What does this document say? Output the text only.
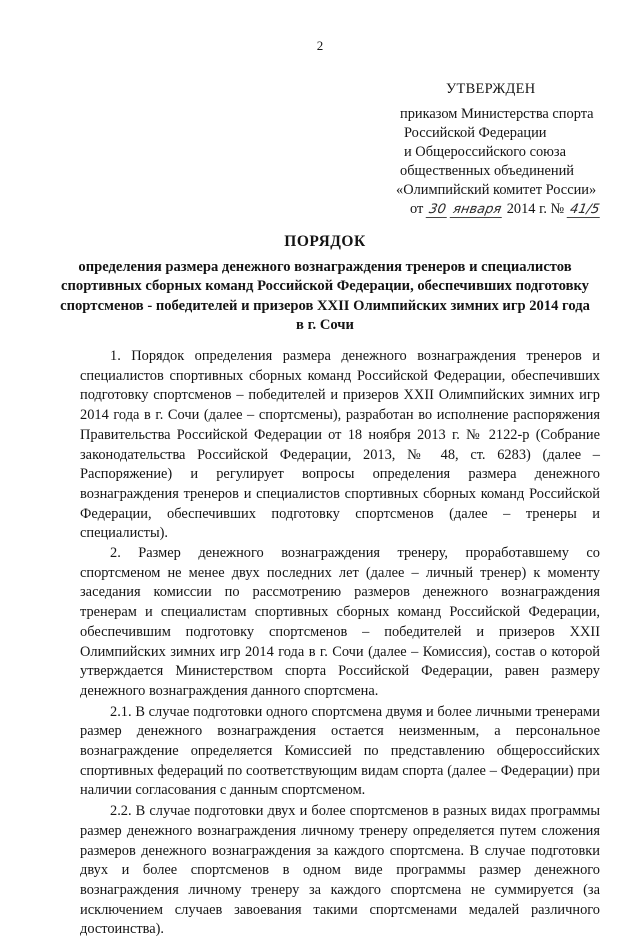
2
УТВЕРЖДЕН
приказом Министерства спорта
Российской Федерации
и Общероссийского союза
общественных объединений
«Олимпийский комитет России»
от 30 января 2014 г. № 41/5
ПОРЯДОК
определения размера денежного вознаграждения тренеров и специалистов
спортивных сборных команд Российской Федерации, обеспечивших подготовку
спортсменов - победителей и призеров XXII Олимпийских зимних игр 2014 года
в г. Сочи

1. Порядок определения размера денежного вознаграждения тренеров и специалистов спортивных сборных команд Российской Федерации, обеспечивших подготовку спортсменов – победителей и призеров XXII Олимпийских зимних игр 2014 года в г. Сочи (далее – спортсмены), разработан во исполнение распоряжения Правительства Российской Федерации от 18 ноября 2013 г. № 2122-р (Собрание законодательства Российской Федерации, 2013, № 48, ст. 6283) (далее – Распоряжение) и регулирует вопросы определения размера денежного вознаграждения тренеров и специалистов спортивных сборных команд Российской Федерации, обеспечивших подготовку спортсменов (далее – тренеры и специалисты).

2. Размер денежного вознаграждения тренеру, проработавшему со спортсменом не менее двух последних лет (далее – личный тренер) к моменту заседания комиссии по рассмотрению размеров денежного вознаграждения тренерам и специалистам спортивных сборных команд Российской Федерации, обеспечившим подготовку спортсменов – победителей и призеров XXII Олимпийских зимних игр 2014 года в г. Сочи (далее – Комиссия), состав о которой утверждается Министерством спорта Российской Федерации, равен размеру денежного вознаграждения данного спортсмена.

2.1. В случае подготовки одного спортсмена двумя и более личными тренерами размер денежного вознаграждения остается неизменным, а персональное вознаграждение определяется Комиссией по представлению общероссийских спортивных федераций по соответствующим видам спорта (далее – Федерации) при наличии согласования с данным спортсменом.

2.2. В случае подготовки двух и более спортсменов в разных видах программы размер денежного вознаграждения личному тренеру определяется путем сложения размеров денежного вознаграждения за каждого спортсмена. В случае подготовки двух и более спортсменов в одном виде программы размер денежного вознаграждения личному тренеру за каждого спортсмена не суммируется (за исключением случаев завоевания такими спортсменами медалей различного достоинства).
